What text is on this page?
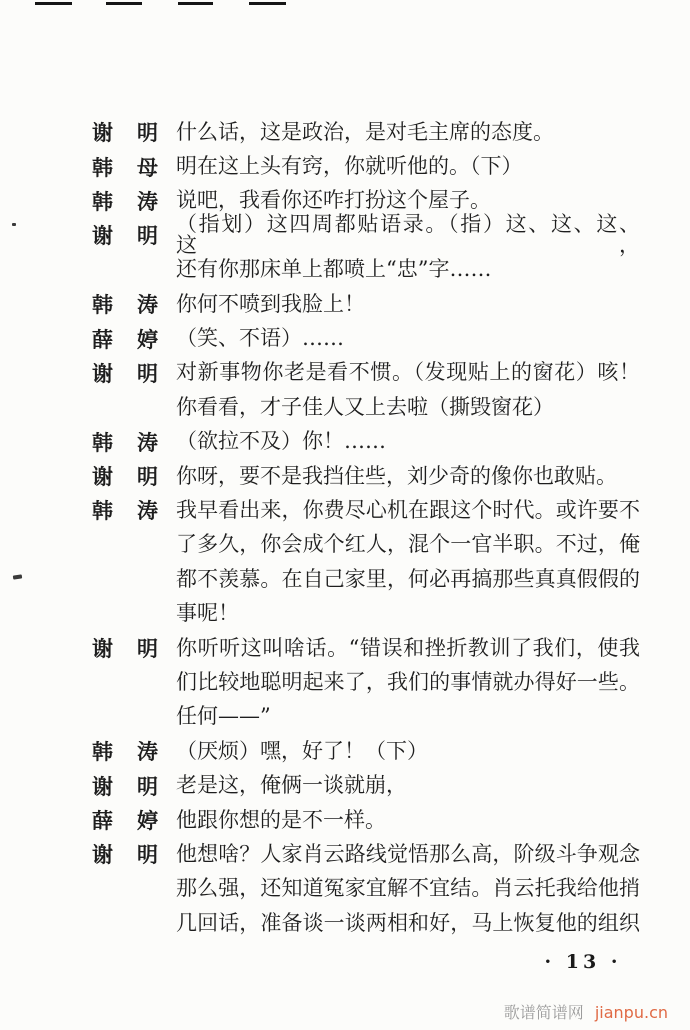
谢明
什么话，这是政治，是对毛主席的态度。
韩母
明在这上头有窍，你就听他的。（下）
韩涛
说吧，我看你还咋打扮这个屋子。
谢明
（指划）这四周都贴语录。（指）这、这、这、这，
还有你那床单上都喷上“忠”字……
韩涛
你何不喷到我脸上！
薛婷
（笑、不语）……
谢明
对新事物你老是看不惯。（发现贴上的窗花）咳！
你看看，才子佳人又上去啦（撕毁窗花）
韩涛
（欲拉不及）你！……
谢明
你呀，要不是我挡住些，刘少奇的像你也敢贴。
韩涛
我早看出来，你费尽心机在跟这个时代。或许要不
了多久，你会成个红人，混个一官半职。不过，俺
都不羡慕。在自己家里，何必再搞那些真真假假的
事呢！
谢明
你听听这叫啥话。“错误和挫折教训了我们，使我
们比较地聪明起来了，我们的事情就办得好一些。
任何——”
韩涛
（厌烦）嘿，好了！（下）
谢明
老是这，俺俩一谈就崩，
薛婷
他跟你想的是不一样。
谢明
他想啥？人家肖云路线觉悟那么高，阶级斗争观念
那么强，还知道冤家宜解不宜结。肖云托我给他捎
几回话，准备谈一谈两相和好，马上恢复他的组织
· 13 ·
歌谱简谱网 jianpu.cn
